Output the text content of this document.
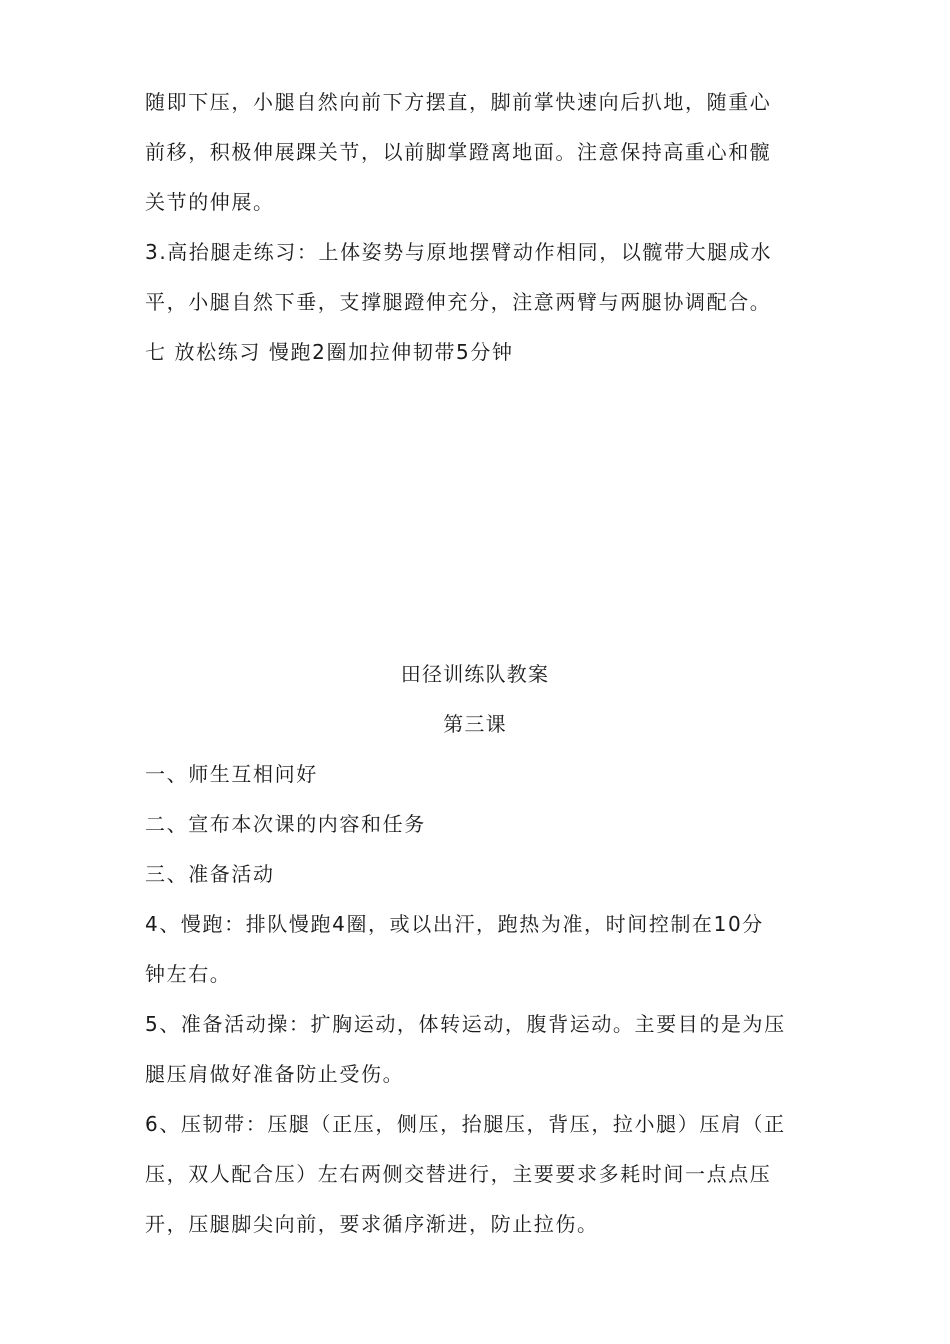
随即下压，小腿自然向前下方摆直，脚前掌快速向后扒地，随重心
前移，积极伸展踝关节，以前脚掌蹬离地面。注意保持高重心和髋
关节的伸展。
3.高抬腿走练习：上体姿势与原地摆臂动作相同，以髋带大腿成水
平，小腿自然下垂，支撑腿蹬伸充分，注意两臂与两腿协调配合。
七 放松练习 慢跑2圈加拉伸韧带5分钟
田径训练队教案
第三课
一、师生互相问好
二、宣布本次课的内容和任务
三、准备活动
4、慢跑：排队慢跑4圈，或以出汗，跑热为准，时间控制在10分
钟左右。
5、准备活动操：扩胸运动，体转运动，腹背运动。主要目的是为压
腿压肩做好准备防止受伤。
6、压韧带：压腿（正压，侧压，抬腿压，背压，拉小腿）压肩（正
压，双人配合压）左右两侧交替进行，主要要求多耗时间一点点压
开，压腿脚尖向前，要求循序渐进，防止拉伤。
